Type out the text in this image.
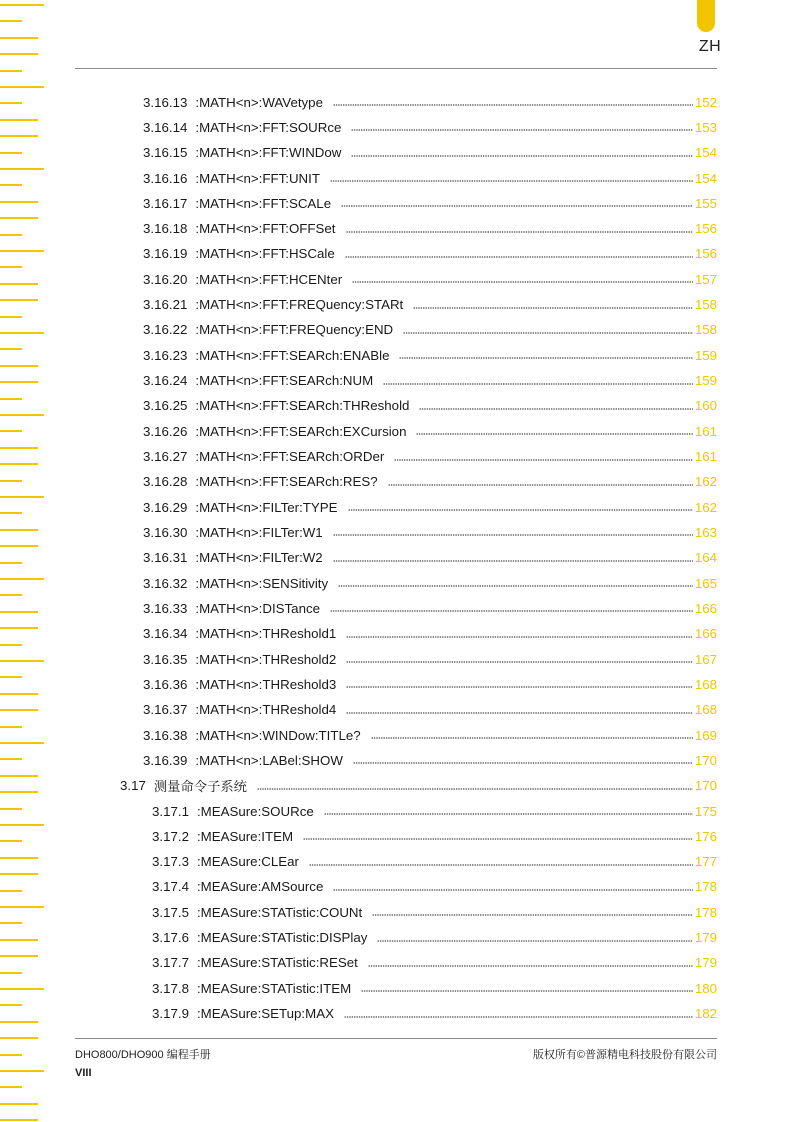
ZH
3.16.13 :MATH<n>:WAVetype	152
3.16.14 :MATH<n>:FFT:SOURce	153
3.16.15 :MATH<n>:FFT:WINDow	154
3.16.16 :MATH<n>:FFT:UNIT	154
3.16.17 :MATH<n>:FFT:SCALe	155
3.16.18 :MATH<n>:FFT:OFFSet	156
3.16.19 :MATH<n>:FFT:HSCale	156
3.16.20 :MATH<n>:FFT:HCENter	157
3.16.21 :MATH<n>:FFT:FREQuency:STARt	158
3.16.22 :MATH<n>:FFT:FREQuency:END	158
3.16.23 :MATH<n>:FFT:SEARch:ENABle	159
3.16.24 :MATH<n>:FFT:SEARch:NUM	159
3.16.25 :MATH<n>:FFT:SEARch:THReshold	160
3.16.26 :MATH<n>:FFT:SEARch:EXCursion	161
3.16.27 :MATH<n>:FFT:SEARch:ORDer	161
3.16.28 :MATH<n>:FFT:SEARch:RES?	162
3.16.29 :MATH<n>:FILTer:TYPE	162
3.16.30 :MATH<n>:FILTer:W1	163
3.16.31 :MATH<n>:FILTer:W2	164
3.16.32 :MATH<n>:SENSitivity	165
3.16.33 :MATH<n>:DISTance	166
3.16.34 :MATH<n>:THReshold1	166
3.16.35 :MATH<n>:THReshold2	167
3.16.36 :MATH<n>:THReshold3	168
3.16.37 :MATH<n>:THReshold4	168
3.16.38 :MATH<n>:WINDow:TITLe?	169
3.16.39 :MATH<n>:LABel:SHOW	170
3.17 测量命令子系统	170
3.17.1 :MEASure:SOURce	175
3.17.2 :MEASure:ITEM	176
3.17.3 :MEASure:CLEar	177
3.17.4 :MEASure:AMSource	178
3.17.5 :MEASure:STATistic:COUNt	178
3.17.6 :MEASure:STATistic:DISPlay	179
3.17.7 :MEASure:STATistic:RESet	179
3.17.8 :MEASure:STATistic:ITEM	180
3.17.9 :MEASure:SETup:MAX	182
DHO800/DHO900 编程手册	版权所有©普源精电科技股份有限公司
VIII
